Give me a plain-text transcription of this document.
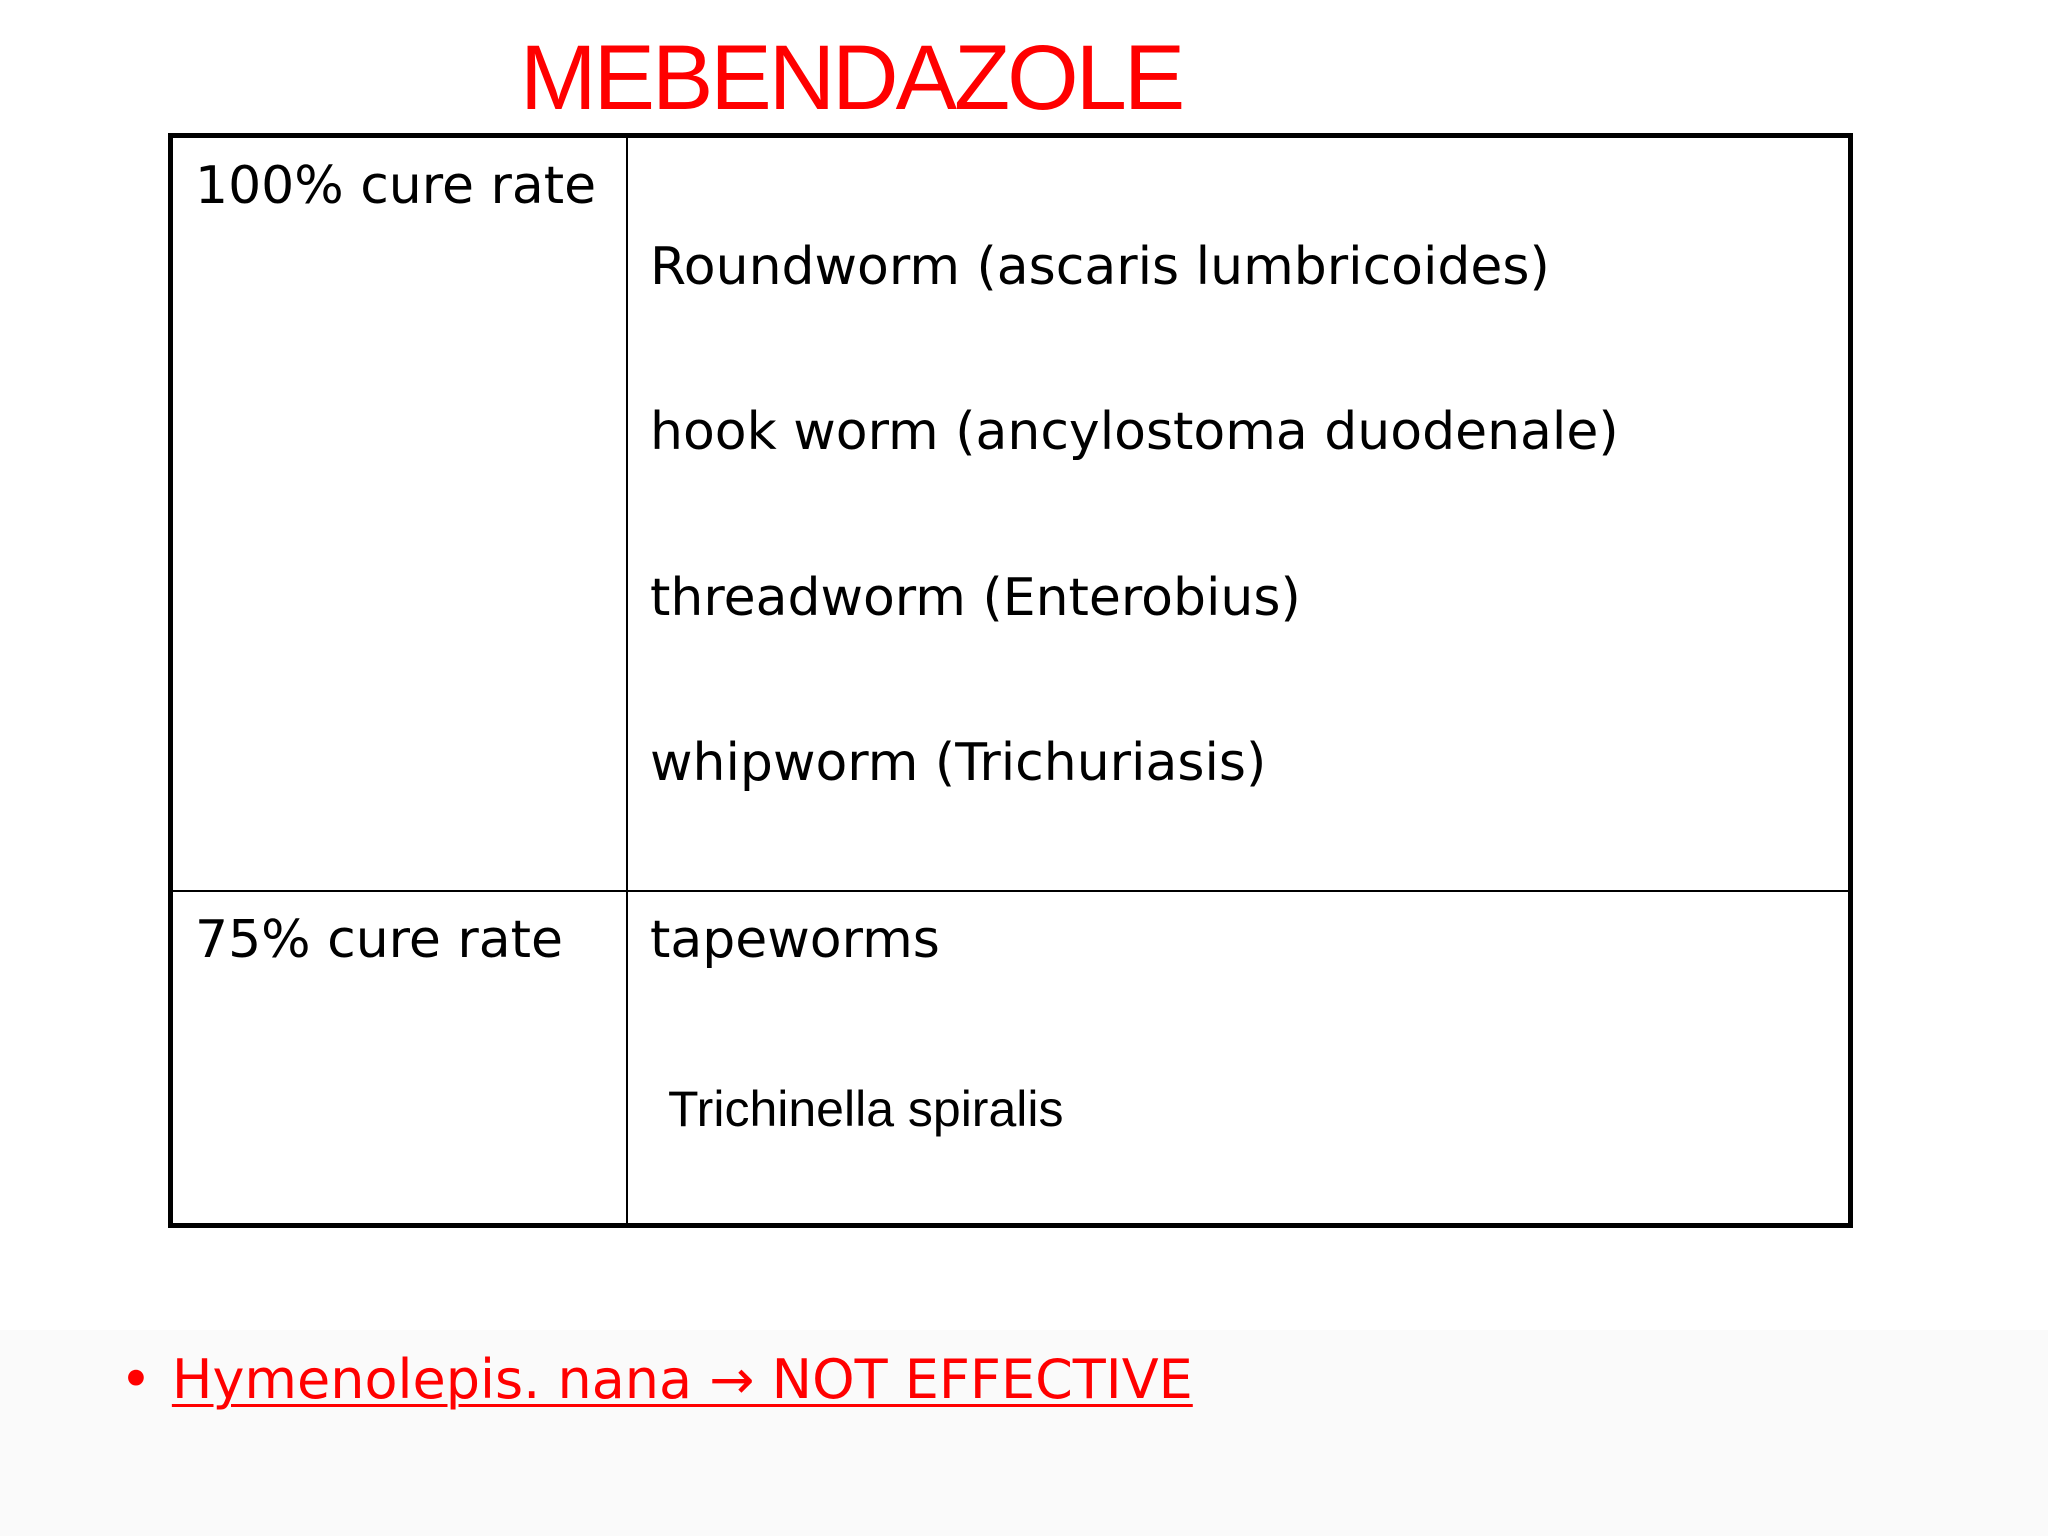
MEBENDAZOLE
100% cure rate
Roundworm (ascaris lumbricoides)
hook worm (ancylostoma duodenale)
threadworm (Enterobius)
whipworm (Trichuriasis)
75% cure rate tapeworms
Trichinella spiralis
• Hymenolepis. nana → NOT EFFECTIVE
